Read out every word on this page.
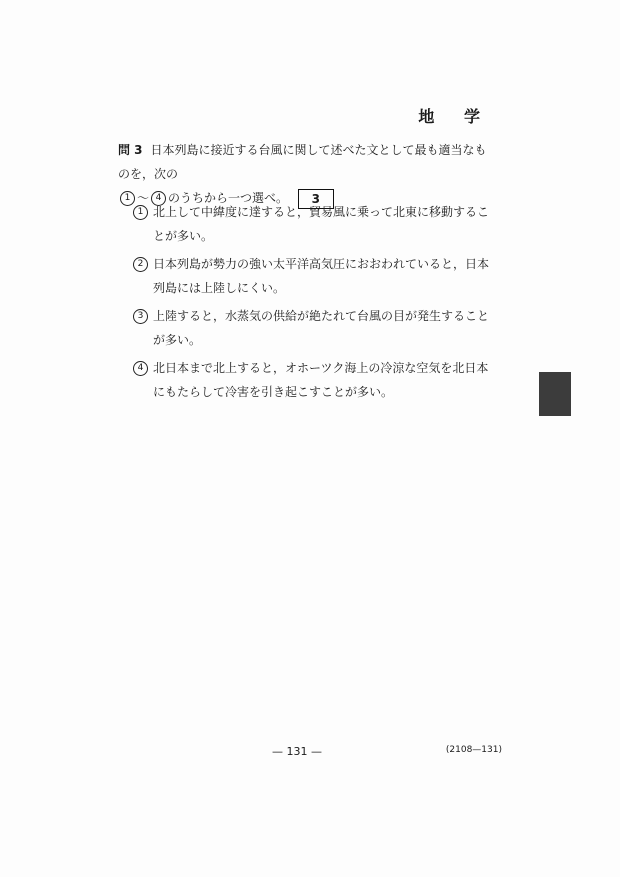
地 学
問 3 日本列島に接近する台風に関して述べた文として最も適当なものを，次の
1 ～ 4 のうちから一つ選べ。 3
1 北上して中緯度に達すると，貿易風に乗って北東に移動することが多い。
2 日本列島が勢力の強い太平洋高気圧におおわれていると，日本列島には上陸しにくい。
3 上陸すると，水蒸気の供給が絶たれて台風の目が発生することが多い。
4 北日本まで北上すると，オホーツク海上の冷涼な空気を北日本にもたらして冷害を引き起こすことが多い。
— 131 —	(2108—131)
